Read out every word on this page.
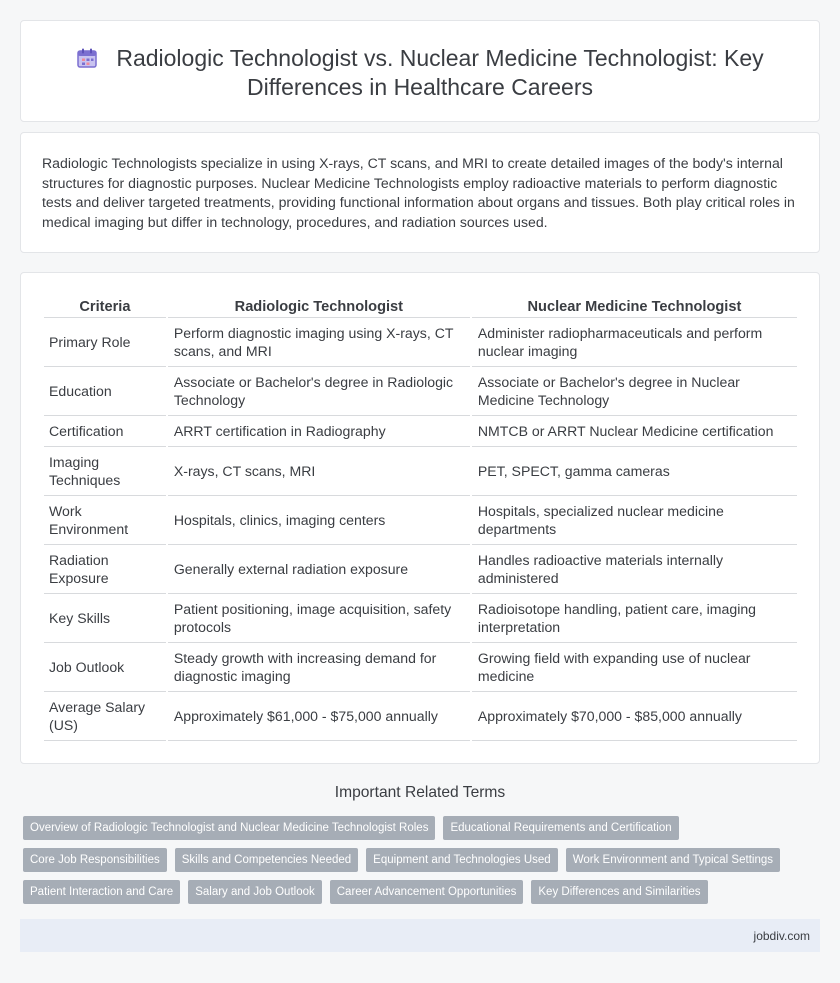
Radiologic Technologist vs. Nuclear Medicine Technologist: Key Differences in Healthcare Careers

Radiologic Technologists specialize in using X-rays, CT scans, and MRI to create detailed images of the body's internal structures for diagnostic purposes. Nuclear Medicine Technologists employ radioactive materials to perform diagnostic tests and deliver targeted treatments, providing functional information about organs and tissues. Both play critical roles in medical imaging but differ in technology, procedures, and radiation sources used.

Criteria	Radiologic Technologist	Nuclear Medicine Technologist
Primary Role	Perform diagnostic imaging using X-rays, CT scans, and MRI	Administer radiopharmaceuticals and perform nuclear imaging
Education	Associate or Bachelor's degree in Radiologic Technology	Associate or Bachelor's degree in Nuclear Medicine Technology
Certification	ARRT certification in Radiography	NMTCB or ARRT Nuclear Medicine certification
Imaging Techniques	X-rays, CT scans, MRI	PET, SPECT, gamma cameras
Work Environment	Hospitals, clinics, imaging centers	Hospitals, specialized nuclear medicine departments
Radiation Exposure	Generally external radiation exposure	Handles radioactive materials internally administered
Key Skills	Patient positioning, image acquisition, safety protocols	Radioisotope handling, patient care, imaging interpretation
Job Outlook	Steady growth with increasing demand for diagnostic imaging	Growing field with expanding use of nuclear medicine
Average Salary (US)	Approximately $61,000 - $75,000 annually	Approximately $70,000 - $85,000 annually
Important Related Terms
Overview of Radiologic Technologist and Nuclear Medicine Technologist Roles	Educational Requirements and Certification
Core Job Responsibilities	Skills and Competencies Needed	Equipment and Technologies Used	Work Environment and Typical Settings
Patient Interaction and Care	Salary and Job Outlook	Career Advancement Opportunities	Key Differences and Similarities
jobdiv.com
